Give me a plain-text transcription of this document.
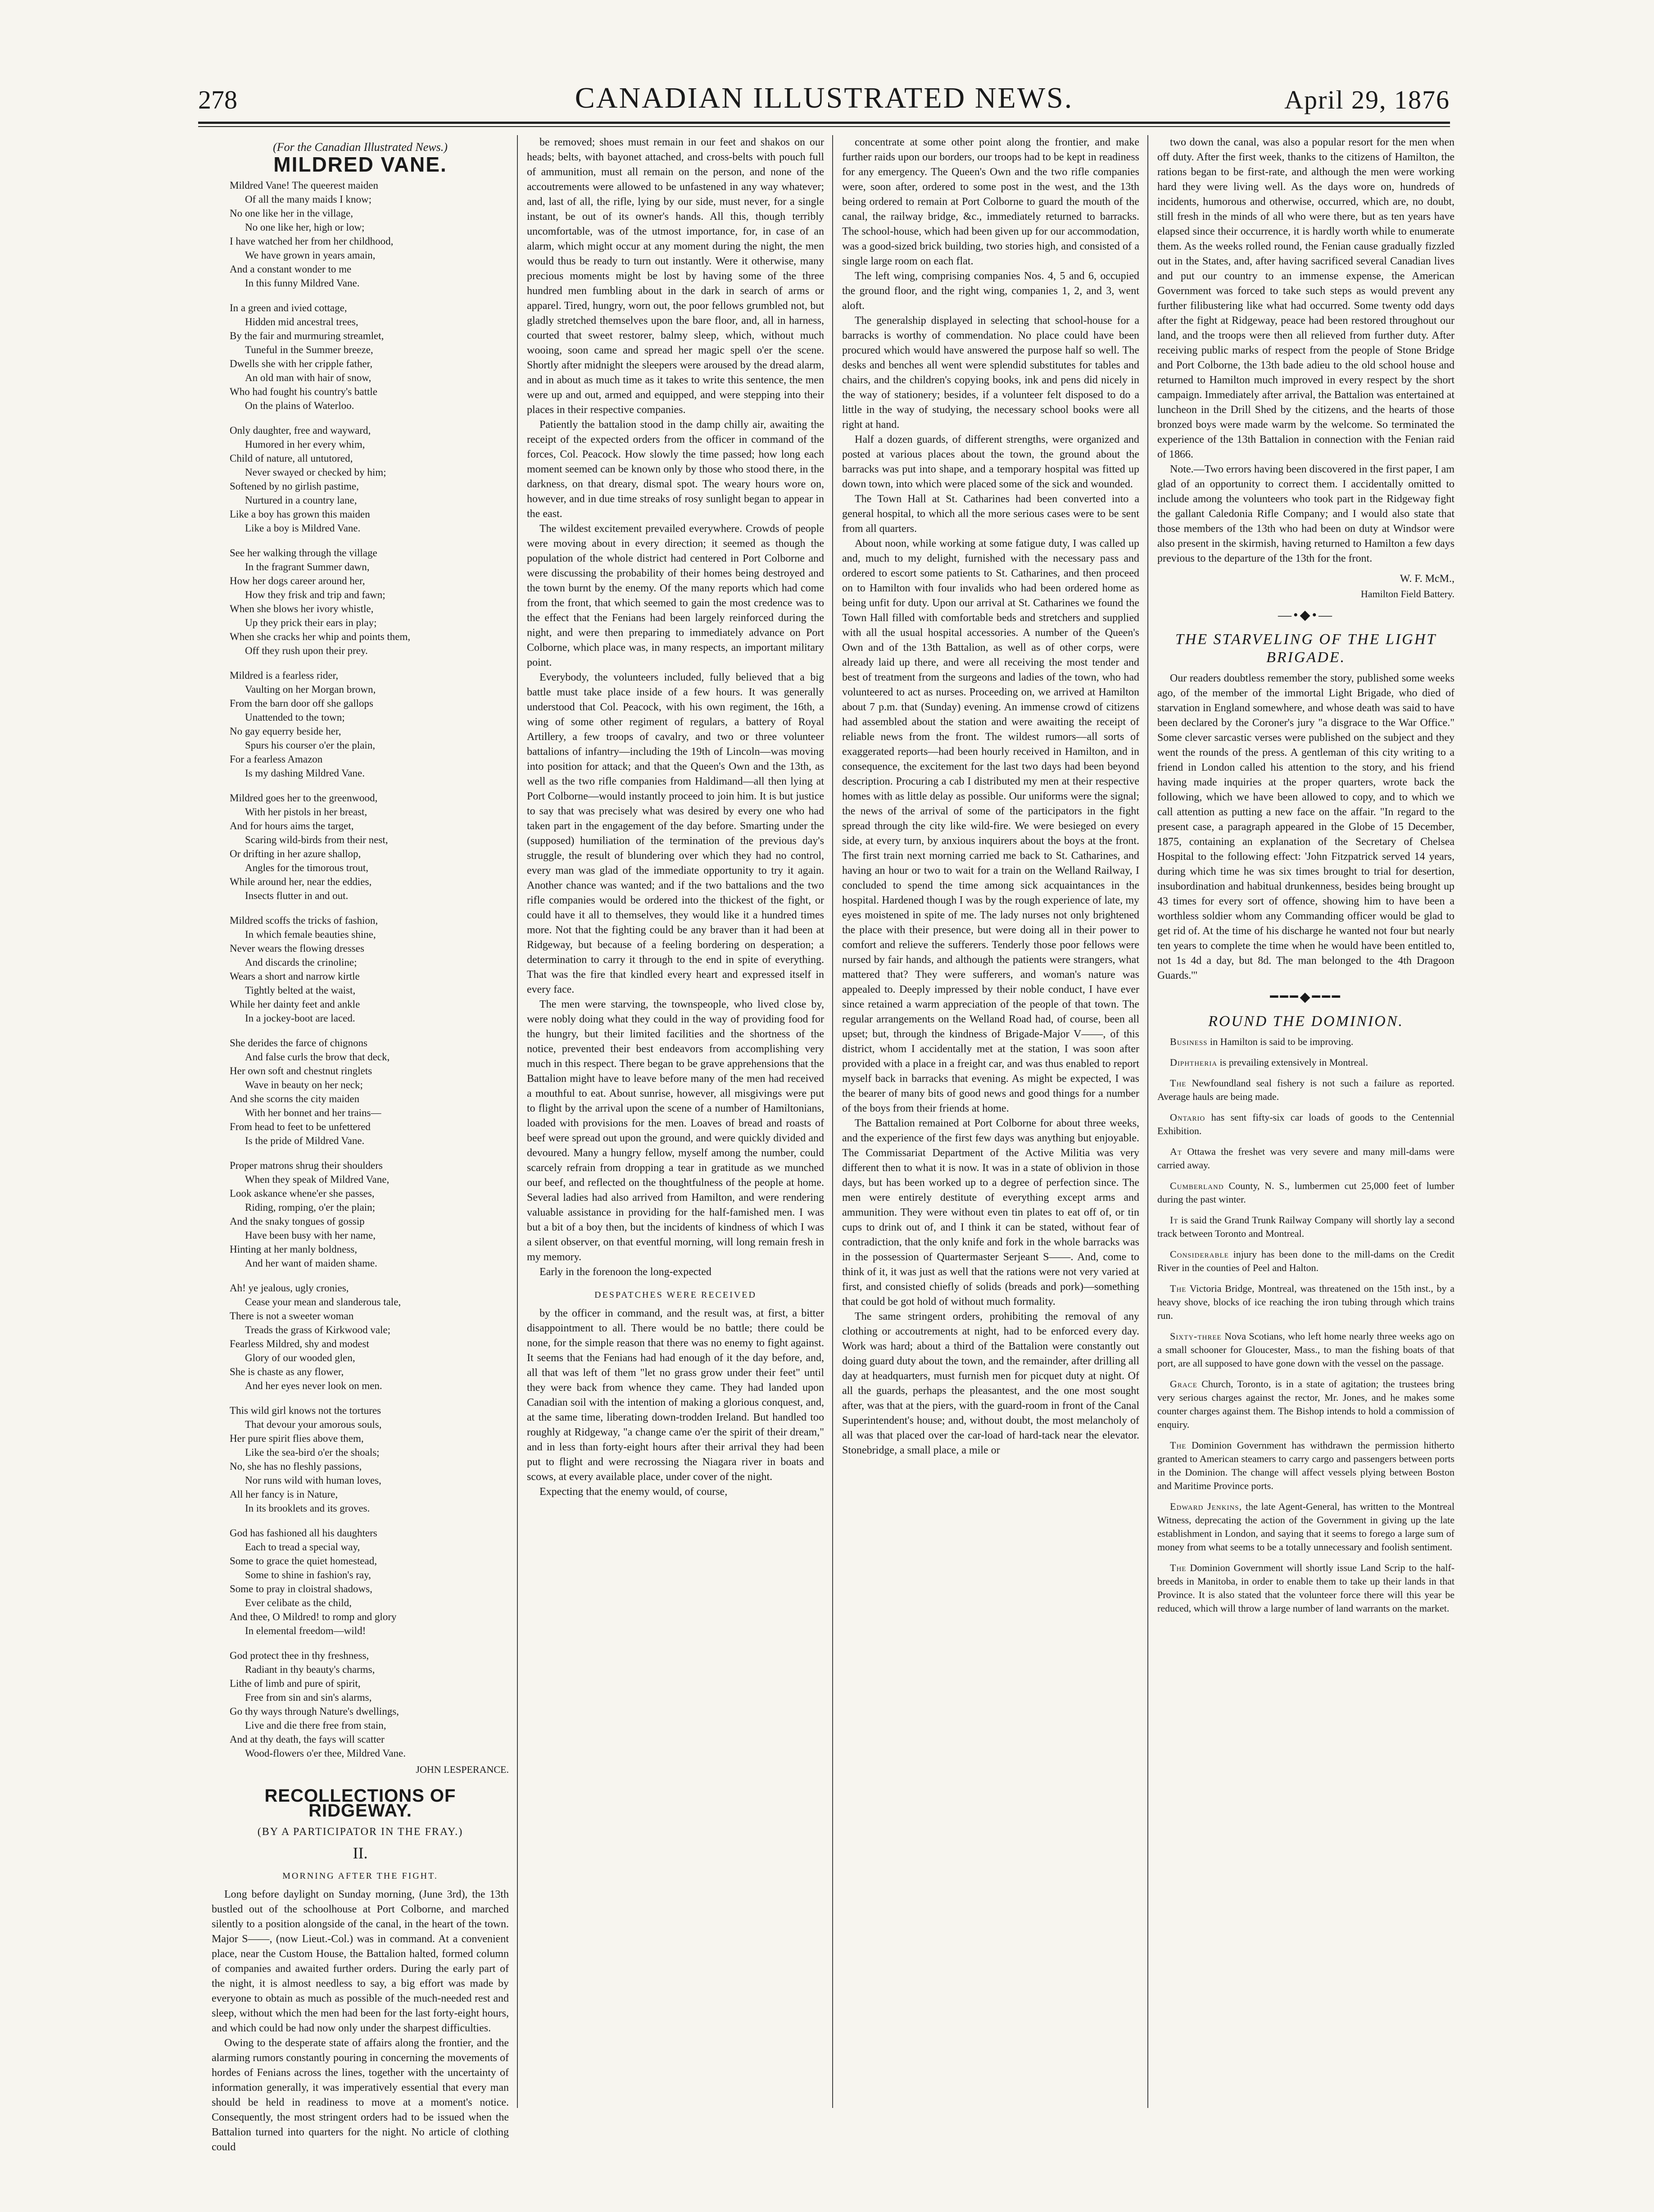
278	CANADIAN ILLUSTRATED NEWS.	April 29, 1876

(For the Canadian Illustrated News.)

MILDRED VANE.
Mildred Vane! The queerest maiden
Of all the many maids I know;
No one like her in the village,
No one like her, high or low;
I have watched her from her childhood,
We have grown in years amain,
And a constant wonder to me
In this funny Mildred Vane.
In a green and ivied cottage,
Hidden mid ancestral trees,
By the fair and murmuring streamlet,
Tuneful in the Summer breeze,
Dwells she with her cripple father,
An old man with hair of snow,
Who had fought his country's battle
On the plains of Waterloo.
Only daughter, free and wayward,
Humored in her every whim,
Child of nature, all untutored,
Never swayed or checked by him;
Softened by no girlish pastime,
Nurtured in a country lane,
Like a boy has grown this maiden
Like a boy is Mildred Vane.
See her walking through the village
In the fragrant Summer dawn,
How her dogs career around her,
How they frisk and trip and fawn;
When she blows her ivory whistle,
Up they prick their ears in play;
When she cracks her whip and points them,
Off they rush upon their prey.
Mildred is a fearless rider,
Vaulting on her Morgan brown,
From the barn door off she gallops
Unattended to the town;
No gay equerry beside her,
Spurs his courser o'er the plain,
For a fearless Amazon
Is my dashing Mildred Vane.
Mildred goes her to the greenwood,
With her pistols in her breast,
And for hours aims the target,
Scaring wild-birds from their nest,
Or drifting in her azure shallop,
Angles for the timorous trout,
While around her, near the eddies,
Insects flutter in and out.
Mildred scoffs the tricks of fashion,
In which female beauties shine,
Never wears the flowing dresses
And discards the crinoline;
Wears a short and narrow kirtle
Tightly belted at the waist,
While her dainty feet and ankle
In a jockey-boot are laced.
She derides the farce of chignons
And false curls the brow that deck,
Her own soft and chestnut ringlets
Wave in beauty on her neck;
And she scorns the city maiden
With her bonnet and her trains—
From head to feet to be unfettered
Is the pride of Mildred Vane.
Proper matrons shrug their shoulders
When they speak of Mildred Vane,
Look askance whene'er she passes,
Riding, romping, o'er the plain;
And the snaky tongues of gossip
Have been busy with her name,
Hinting at her manly boldness,
And her want of maiden shame.
Ah! ye jealous, ugly cronies,
Cease your mean and slanderous tale,
There is not a sweeter woman
Treads the grass of Kirkwood vale;
Fearless Mildred, shy and modest
Glory of our wooded glen,
She is chaste as any flower,
And her eyes never look on men.
This wild girl knows not the tortures
That devour your amorous souls,
Her pure spirit flies above them,
Like the sea-bird o'er the shoals;
No, she has no fleshly passions,
Nor runs wild with human loves,
All her fancy is in Nature,
In its brooklets and its groves.
God has fashioned all his daughters
Each to tread a special way,
Some to grace the quiet homestead,
Some to shine in fashion's ray,
Some to pray in cloistral shadows,
Ever celibate as the child,
And thee, O Mildred! to romp and glory
In elemental freedom—wild!
God protect thee in thy freshness,
Radiant in thy beauty's charms,
Lithe of limb and pure of spirit,
Free from sin and sin's alarms,
Go thy ways through Nature's dwellings,
Live and die there free from stain,
And at thy death, the fays will scatter
Wood-flowers o'er thee, Mildred Vane.

JOHN LESPERANCE.

RECOLLECTIONS OF RIDGEWAY.

(BY A PARTICIPATOR IN THE FRAY.)

II.

MORNING AFTER THE FIGHT.

Long before daylight on Sunday morning, (June 3rd), the 13th bustled out of the schoolhouse at Port Colborne, and marched silently to a position alongside of the canal, in the heart of the town. Major S——, (now Lieut.-Col.) was in command. At a convenient place, near the Custom House, the Battalion halted, formed column of companies and awaited further orders. During the early part of the night, it is almost needless to say, a big effort was made by everyone to obtain as much as possible of the much-needed rest and sleep, without which the men had been for the last forty-eight hours, and which could be had now only under the sharpest difficulties.

Owing to the desperate state of affairs along the frontier, and the alarming rumors constantly pouring in concerning the movements of hordes of Fenians across the lines, together with the uncertainty of information generally, it was imperatively essential that every man should be held in readiness to move at a moment's notice. Consequently, the most stringent orders had to be issued when the Battalion turned into quarters for the night. No article of clothing could

be removed; shoes must remain in our feet and shakos on our heads; belts, with bayonet attached, and cross-belts with pouch full of ammunition, must all remain on the person, and none of the accoutrements were allowed to be unfastened in any way whatever; and, last of all, the rifle, lying by our side, must never, for a single instant, be out of its owner's hands. All this, though terribly uncomfortable, was of the utmost importance, for, in case of an alarm, which might occur at any moment during the night, the men would thus be ready to turn out instantly. Were it otherwise, many precious moments might be lost by having some of the three hundred men fumbling about in the dark in search of arms or apparel. Tired, hungry, worn out, the poor fellows grumbled not, but gladly stretched themselves upon the bare floor, and, all in harness, courted that sweet restorer, balmy sleep, which, without much wooing, soon came and spread her magic spell o'er the scene. Shortly after midnight the sleepers were aroused by the dread alarm, and in about as much time as it takes to write this sentence, the men were up and out, armed and equipped, and were stepping into their places in their respective companies.

Patiently the battalion stood in the damp chilly air, awaiting the receipt of the expected orders from the officer in command of the forces, Col. Peacock. How slowly the time passed; how long each moment seemed can be known only by those who stood there, in the darkness, on that dreary, dismal spot. The weary hours wore on, however, and in due time streaks of rosy sunlight began to appear in the east.

The wildest excitement prevailed everywhere. Crowds of people were moving about in every direction; it seemed as though the population of the whole district had centered in Port Colborne and were discussing the probability of their homes being destroyed and the town burnt by the enemy. Of the many reports which had come from the front, that which seemed to gain the most credence was to the effect that the Fenians had been largely reinforced during the night, and were then preparing to immediately advance on Port Colborne, which place was, in many respects, an important military point.

Everybody, the volunteers included, fully believed that a big battle must take place inside of a few hours. It was generally understood that Col. Peacock, with his own regiment, the 16th, a wing of some other regiment of regulars, a battery of Royal Artillery, a few troops of cavalry, and two or three volunteer battalions of infantry—including the 19th of Lincoln—was moving into position for attack; and that the Queen's Own and the 13th, as well as the two rifle companies from Haldimand—all then lying at Port Colborne—would instantly proceed to join him. It is but justice to say that was precisely what was desired by every one who had taken part in the engagement of the day before. Smarting under the (supposed) humiliation of the termination of the previous day's struggle, the result of blundering over which they had no control, every man was glad of the immediate opportunity to try it again. Another chance was wanted; and if the two battalions and the two rifle companies would be ordered into the thickest of the fight, or could have it all to themselves, they would like it a hundred times more. Not that the fighting could be any braver than it had been at Ridgeway, but because of a feeling bordering on desperation; a determination to carry it through to the end in spite of everything. That was the fire that kindled every heart and expressed itself in every face.

The men were starving, the townspeople, who lived close by, were nobly doing what they could in the way of providing food for the hungry, but their limited facilities and the shortness of the notice, prevented their best endeavors from accomplishing very much in this respect. There began to be grave apprehensions that the Battalion might have to leave before many of the men had received a mouthful to eat. About sunrise, however, all misgivings were put to flight by the arrival upon the scene of a number of Hamiltonians, loaded with provisions for the men. Loaves of bread and roasts of beef were spread out upon the ground, and were quickly divided and devoured. Many a hungry fellow, myself among the number, could scarcely refrain from dropping a tear in gratitude as we munched our beef, and reflected on the thoughtfulness of the people at home. Several ladies had also arrived from Hamilton, and were rendering valuable assistance in providing for the half-famished men. I was but a bit of a boy then, but the incidents of kindness of which I was a silent observer, on that eventful morning, will long remain fresh in my memory.

Early in the forenoon the long-expected

DESPATCHES WERE RECEIVED

by the officer in command, and the result was, at first, a bitter disappointment to all. There would be no battle; there could be none, for the simple reason that there was no enemy to fight against. It seems that the Fenians had had enough of it the day before, and, all that was left of them "let no grass grow under their feet" until they were back from whence they came. They had landed upon Canadian soil with the intention of making a glorious conquest, and, at the same time, liberating down-trodden Ireland. But handled too roughly at Ridgeway, "a change came o'er the spirit of their dream," and in less than forty-eight hours after their arrival they had been put to flight and were recrossing the Niagara river in boats and scows, at every available place, under cover of the night.

Expecting that the enemy would, of course,

concentrate at some other point along the frontier, and make further raids upon our borders, our troops had to be kept in readiness for any emergency. The Queen's Own and the two rifle companies were, soon after, ordered to some post in the west, and the 13th being ordered to remain at Port Colborne to guard the mouth of the canal, the railway bridge, &c., immediately returned to barracks. The school-house, which had been given up for our accommodation, was a good-sized brick building, two stories high, and consisted of a single large room on each flat.

The left wing, comprising companies Nos. 4, 5 and 6, occupied the ground floor, and the right wing, companies 1, 2, and 3, went aloft.

The generalship displayed in selecting that school-house for a barracks is worthy of commendation. No place could have been procured which would have answered the purpose half so well. The desks and benches all went were splendid substitutes for tables and chairs, and the children's copying books, ink and pens did nicely in the way of stationery; besides, if a volunteer felt disposed to do a little in the way of studying, the necessary school books were all right at hand.

Half a dozen guards, of different strengths, were organized and posted at various places about the town, the ground about the barracks was put into shape, and a temporary hospital was fitted up down town, into which were placed some of the sick and wounded.

The Town Hall at St. Catharines had been converted into a general hospital, to which all the more serious cases were to be sent from all quarters.

About noon, while working at some fatigue duty, I was called up and, much to my delight, furnished with the necessary pass and ordered to escort some patients to St. Catharines, and then proceed on to Hamilton with four invalids who had been ordered home as being unfit for duty. Upon our arrival at St. Catharines we found the Town Hall filled with comfortable beds and stretchers and supplied with all the usual hospital accessories. A number of the Queen's Own and of the 13th Battalion, as well as of other corps, were already laid up there, and were all receiving the most tender and best of treatment from the surgeons and ladies of the town, who had volunteered to act as nurses. Proceeding on, we arrived at Hamilton about 7 p.m. that (Sunday) evening. An immense crowd of citizens had assembled about the station and were awaiting the receipt of reliable news from the front. The wildest rumors—all sorts of exaggerated reports—had been hourly received in Hamilton, and in consequence, the excitement for the last two days had been beyond description. Procuring a cab I distributed my men at their respective homes with as little delay as possible. Our uniforms were the signal; the news of the arrival of some of the participators in the fight spread through the city like wild-fire. We were besieged on every side, at every turn, by anxious inquirers about the boys at the front. The first train next morning carried me back to St. Catharines, and having an hour or two to wait for a train on the Welland Railway, I concluded to spend the time among sick acquaintances in the hospital. Hardened though I was by the rough experience of late, my eyes moistened in spite of me. The lady nurses not only brightened the place with their presence, but were doing all in their power to comfort and relieve the sufferers. Tenderly those poor fellows were nursed by fair hands, and although the patients were strangers, what mattered that? They were sufferers, and woman's nature was appealed to. Deeply impressed by their noble conduct, I have ever since retained a warm appreciation of the people of that town. The regular arrangements on the Welland Road had, of course, been all upset; but, through the kindness of Brigade-Major V——, of this district, whom I accidentally met at the station, I was soon after provided with a place in a freight car, and was thus enabled to report myself back in barracks that evening. As might be expected, I was the bearer of many bits of good news and good things for a number of the boys from their friends at home.

The Battalion remained at Port Colborne for about three weeks, and the experience of the first few days was anything but enjoyable. The Commissariat Department of the Active Militia was very different then to what it is now. It was in a state of oblivion in those days, but has been worked up to a degree of perfection since. The men were entirely destitute of everything except arms and ammunition. They were without even tin plates to eat off of, or tin cups to drink out of, and I think it can be stated, without fear of contradiction, that the only knife and fork in the whole barracks was in the possession of Quartermaster Serjeant S——. And, come to think of it, it was just as well that the rations were not very varied at first, and consisted chiefly of solids (breads and pork)—something that could be got hold of without much formality.

The same stringent orders, prohibiting the removal of any clothing or accoutrements at night, had to be enforced every day. Work was hard; about a third of the Battalion were constantly out doing guard duty about the town, and the remainder, after drilling all day at headquarters, must furnish men for picquet duty at night. Of all the guards, perhaps the pleasantest, and the one most sought after, was that at the piers, with the guard-room in front of the Canal Superintendent's house; and, without doubt, the most melancholy of all was that placed over the car-load of hard-tack near the elevator. Stonebridge, a small place, a mile or

two down the canal, was also a popular resort for the men when off duty. After the first week, thanks to the citizens of Hamilton, the rations began to be first-rate, and although the men were working hard they were living well. As the days wore on, hundreds of incidents, humorous and otherwise, occurred, which are, no doubt, still fresh in the minds of all who were there, but as ten years have elapsed since their occurrence, it is hardly worth while to enumerate them. As the weeks rolled round, the Fenian cause gradually fizzled out in the States, and, after having sacrificed several Canadian lives and put our country to an immense expense, the American Government was forced to take such steps as would prevent any further filibustering like what had occurred. Some twenty odd days after the fight at Ridgeway, peace had been restored throughout our land, and the troops were then all relieved from further duty. After receiving public marks of respect from the people of Stone Bridge and Port Colborne, the 13th bade adieu to the old school house and returned to Hamilton much improved in every respect by the short campaign. Immediately after arrival, the Battalion was entertained at luncheon in the Drill Shed by the citizens, and the hearts of those bronzed boys were made warm by the welcome. So terminated the experience of the 13th Battalion in connection with the Fenian raid of 1866.

Note.—Two errors having been discovered in the first paper, I am glad of an opportunity to correct them. I accidentally omitted to include among the volunteers who took part in the Ridgeway fight the gallant Caledonia Rifle Company; and I would also state that those members of the 13th who had been on duty at Windsor were also present in the skirmish, having returned to Hamilton a few days previous to the departure of the 13th for the front.

W. F. McM.,

Hamilton Field Battery.

—•◆•—
THE STARVELING OF THE LIGHT BRIGADE.

Our readers doubtless remember the story, published some weeks ago, of the member of the immortal Light Brigade, who died of starvation in England somewhere, and whose death was said to have been declared by the Coroner's jury "a disgrace to the War Office." Some clever sarcastic verses were published on the subject and they went the rounds of the press. A gentleman of this city writing to a friend in London called his attention to the story, and his friend having made inquiries at the proper quarters, wrote back the following, which we have been allowed to copy, and to which we call attention as putting a new face on the affair. "In regard to the present case, a paragraph appeared in the Globe of 15 December, 1875, containing an explanation of the Secretary of Chelsea Hospital to the following effect: 'John Fitzpatrick served 14 years, during which time he was six times brought to trial for desertion, insubordination and habitual drunkenness, besides being brought up 43 times for every sort of offence, showing him to have been a worthless soldier whom any Commanding officer would be glad to get rid of. At the time of his discharge he wanted not four but nearly ten years to complete the time when he would have been entitled to, not 1s 4d a day, but 8d. The man belonged to the 4th Dragoon Guards.'"

━━━◆━━━
ROUND THE DOMINION.

Business in Hamilton is said to be improving.

Diphtheria is prevailing extensively in Montreal.

The Newfoundland seal fishery is not such a failure as reported. Average hauls are being made.

Ontario has sent fifty-six car loads of goods to the Centennial Exhibition.

At Ottawa the freshet was very severe and many mill-dams were carried away.

Cumberland County, N. S., lumbermen cut 25,000 feet of lumber during the past winter.

It is said the Grand Trunk Railway Company will shortly lay a second track between Toronto and Montreal.

Considerable injury has been done to the mill-dams on the Credit River in the counties of Peel and Halton.

The Victoria Bridge, Montreal, was threatened on the 15th inst., by a heavy shove, blocks of ice reaching the iron tubing through which trains run.

Sixty-three Nova Scotians, who left home nearly three weeks ago on a small schooner for Gloucester, Mass., to man the fishing boats of that port, are all supposed to have gone down with the vessel on the passage.

Grace Church, Toronto, is in a state of agitation; the trustees bring very serious charges against the rector, Mr. Jones, and he makes some counter charges against them. The Bishop intends to hold a commission of enquiry.

The Dominion Government has withdrawn the permission hitherto granted to American steamers to carry cargo and passengers between ports in the Dominion. The change will affect vessels plying between Boston and Maritime Province ports.

Edward Jenkins, the late Agent-General, has written to the Montreal Witness, deprecating the action of the Government in giving up the late establishment in London, and saying that it seems to forego a large sum of money from what seems to be a totally unnecessary and foolish sentiment.

The Dominion Government will shortly issue Land Scrip to the half-breeds in Manitoba, in order to enable them to take up their lands in that Province. It is also stated that the volunteer force there will this year be reduced, which will throw a large number of land warrants on the market.
